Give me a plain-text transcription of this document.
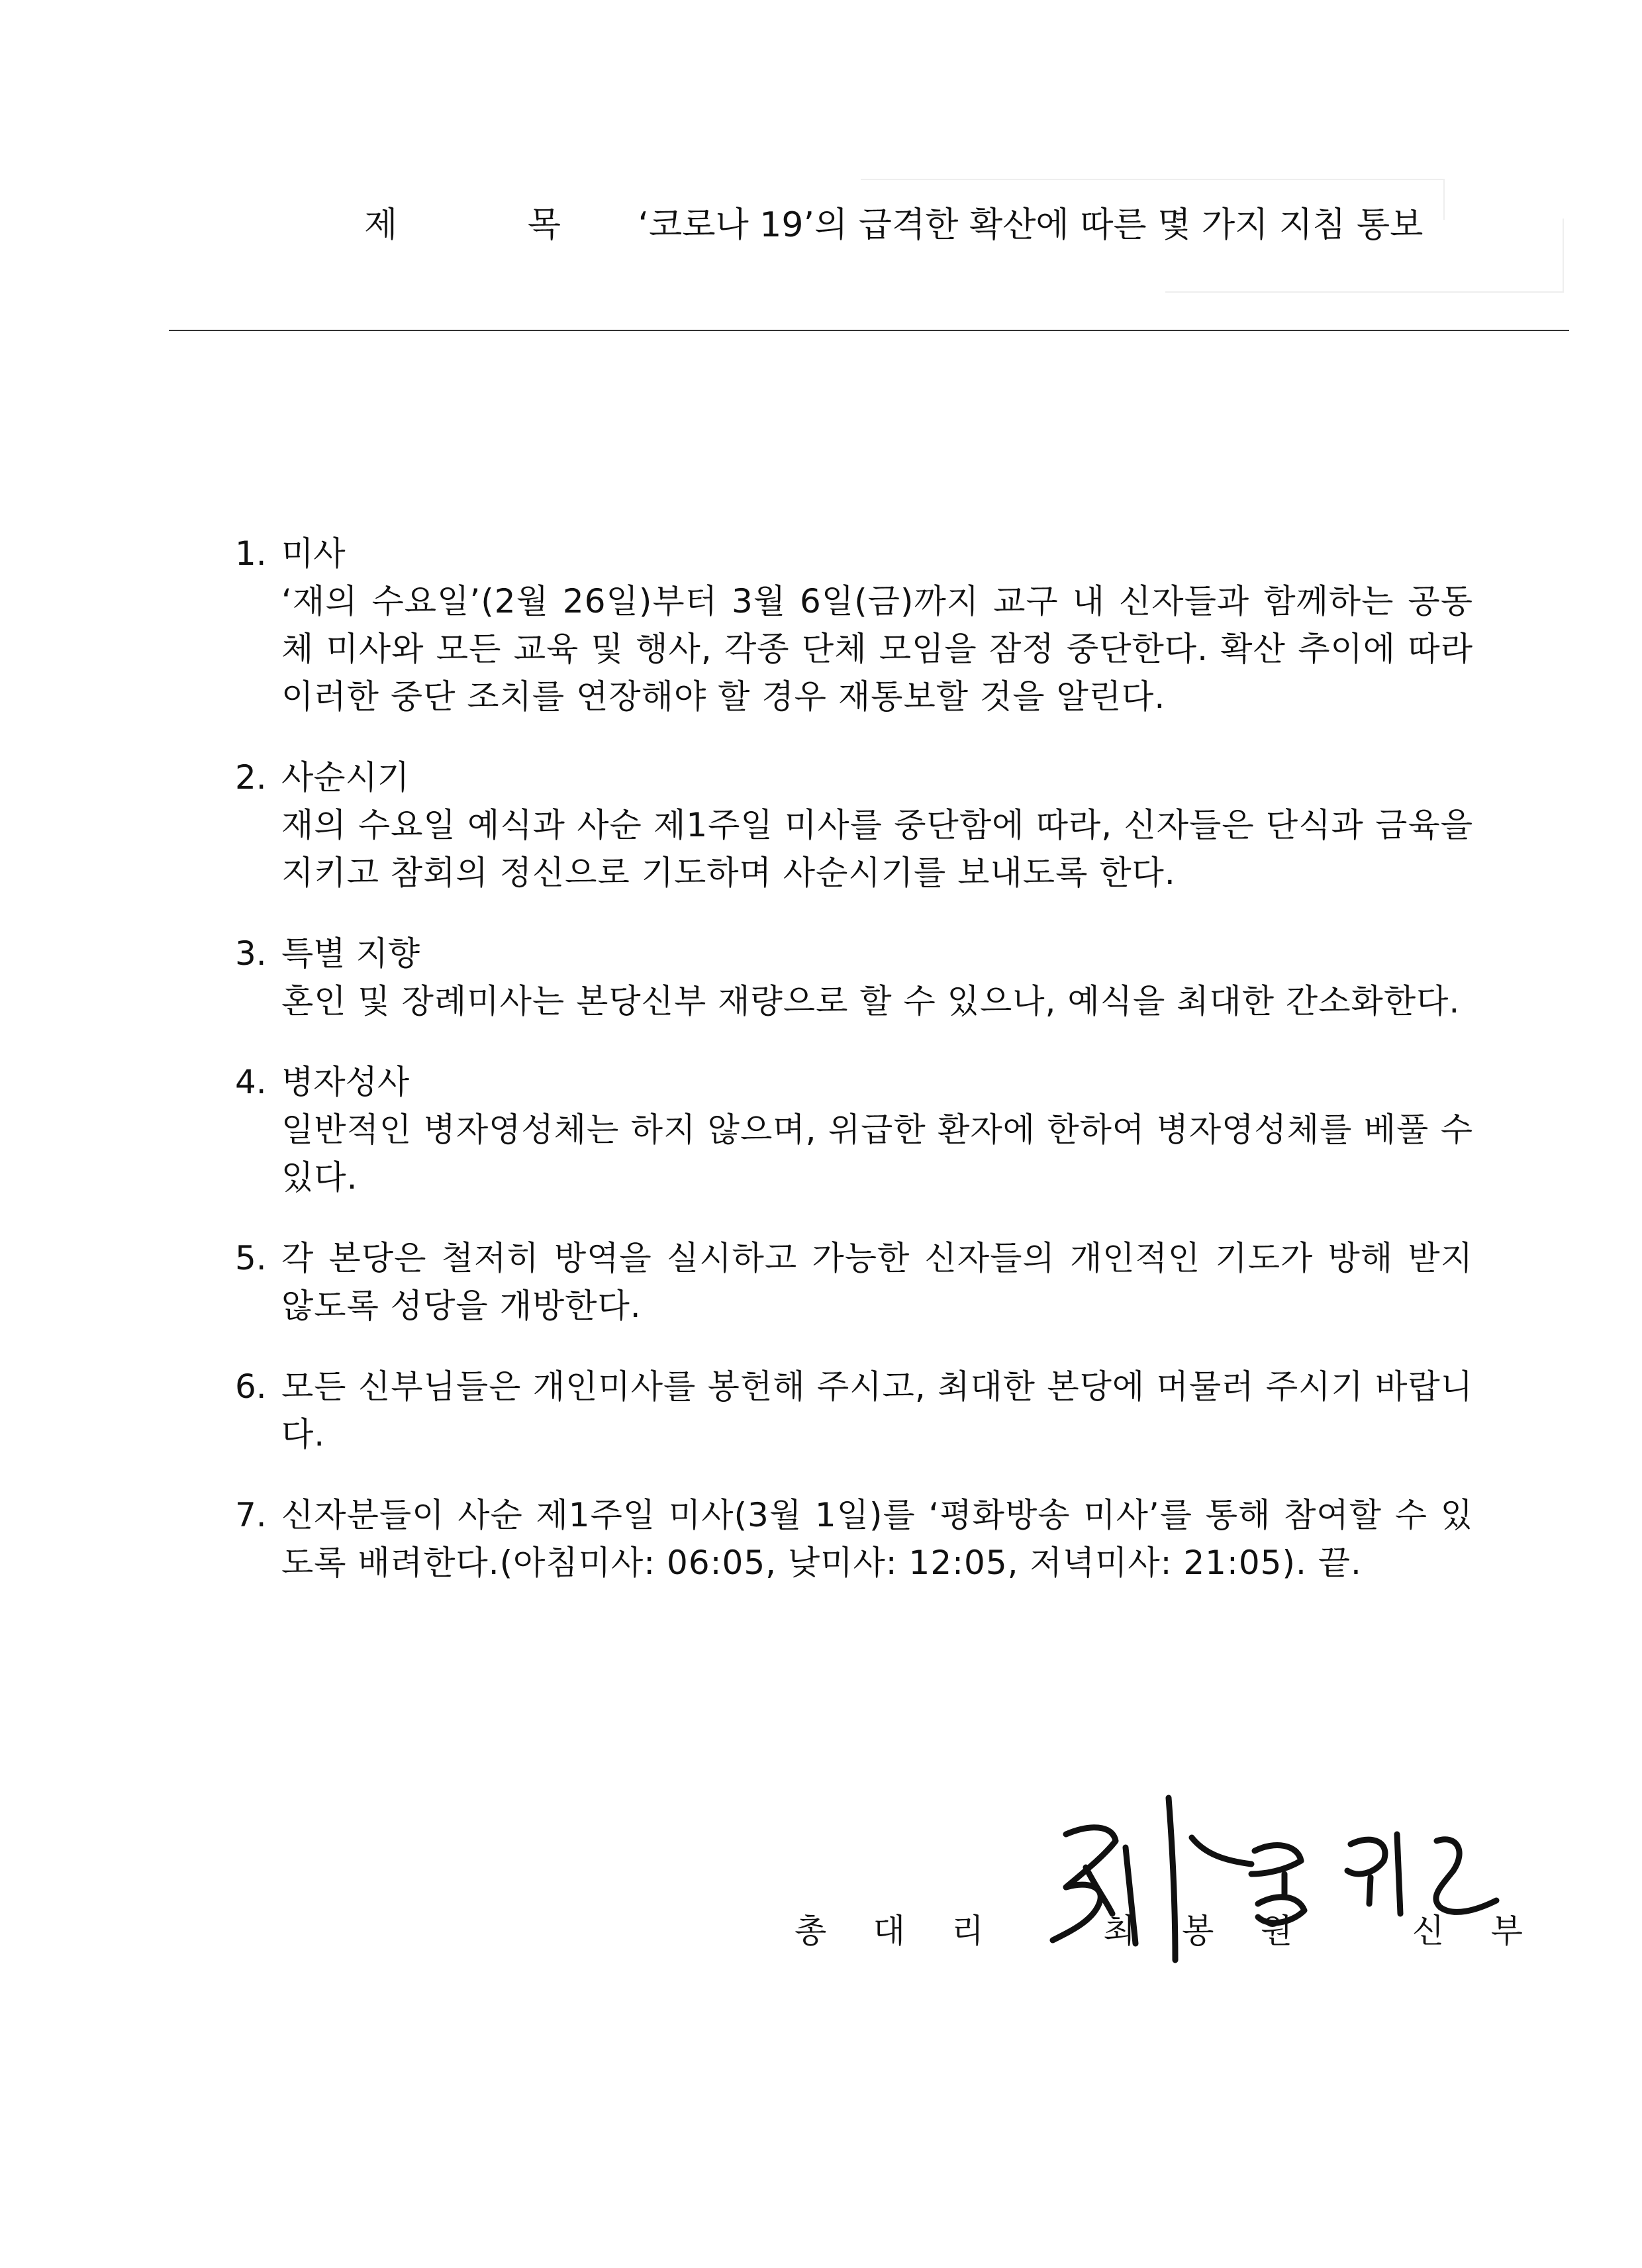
제 목 ‘코로나 19’의 급격한 확산에 따른 몇 가지 지침 통보
1. 미사
‘재의 수요일’(2월 26일)부터 3월 6일(금)까지 교구 내 신자들과 함께하는 공동체 미사와 모든 교육 및 행사, 각종 단체 모임을 잠정 중단한다. 확산 추이에 따라 이러한 중단 조치를 연장해야 할 경우 재통보할 것을 알린다.
2. 사순시기
재의 수요일 예식과 사순 제1주일 미사를 중단함에 따라, 신자들은 단식과 금육을 지키고 참회의 정신으로 기도하며 사순시기를 보내도록 한다.
3. 특별 지향
혼인 및 장례미사는 본당신부 재량으로 할 수 있으나, 예식을 최대한 간소화한다.
4. 병자성사
일반적인 병자영성체는 하지 않으며, 위급한 환자에 한하여 병자영성체를 베풀 수 있다.
5. 각 본당은 철저히 방역을 실시하고 가능한 신자들의 개인적인 기도가 방해 받지 않도록 성당을 개방한다.
6. 모든 신부님들은 개인미사를 봉헌해 주시고, 최대한 본당에 머물러 주시기 바랍니다.
7. 신자분들이 사순 제1주일 미사(3월 1일)를 ‘평화방송 미사’를 통해 참여할 수 있도록 배려한다.(아침미사: 06:05, 낮미사: 12:05, 저녁미사: 21:05). 끝.
총 대 리	최 봉 원	신 부
